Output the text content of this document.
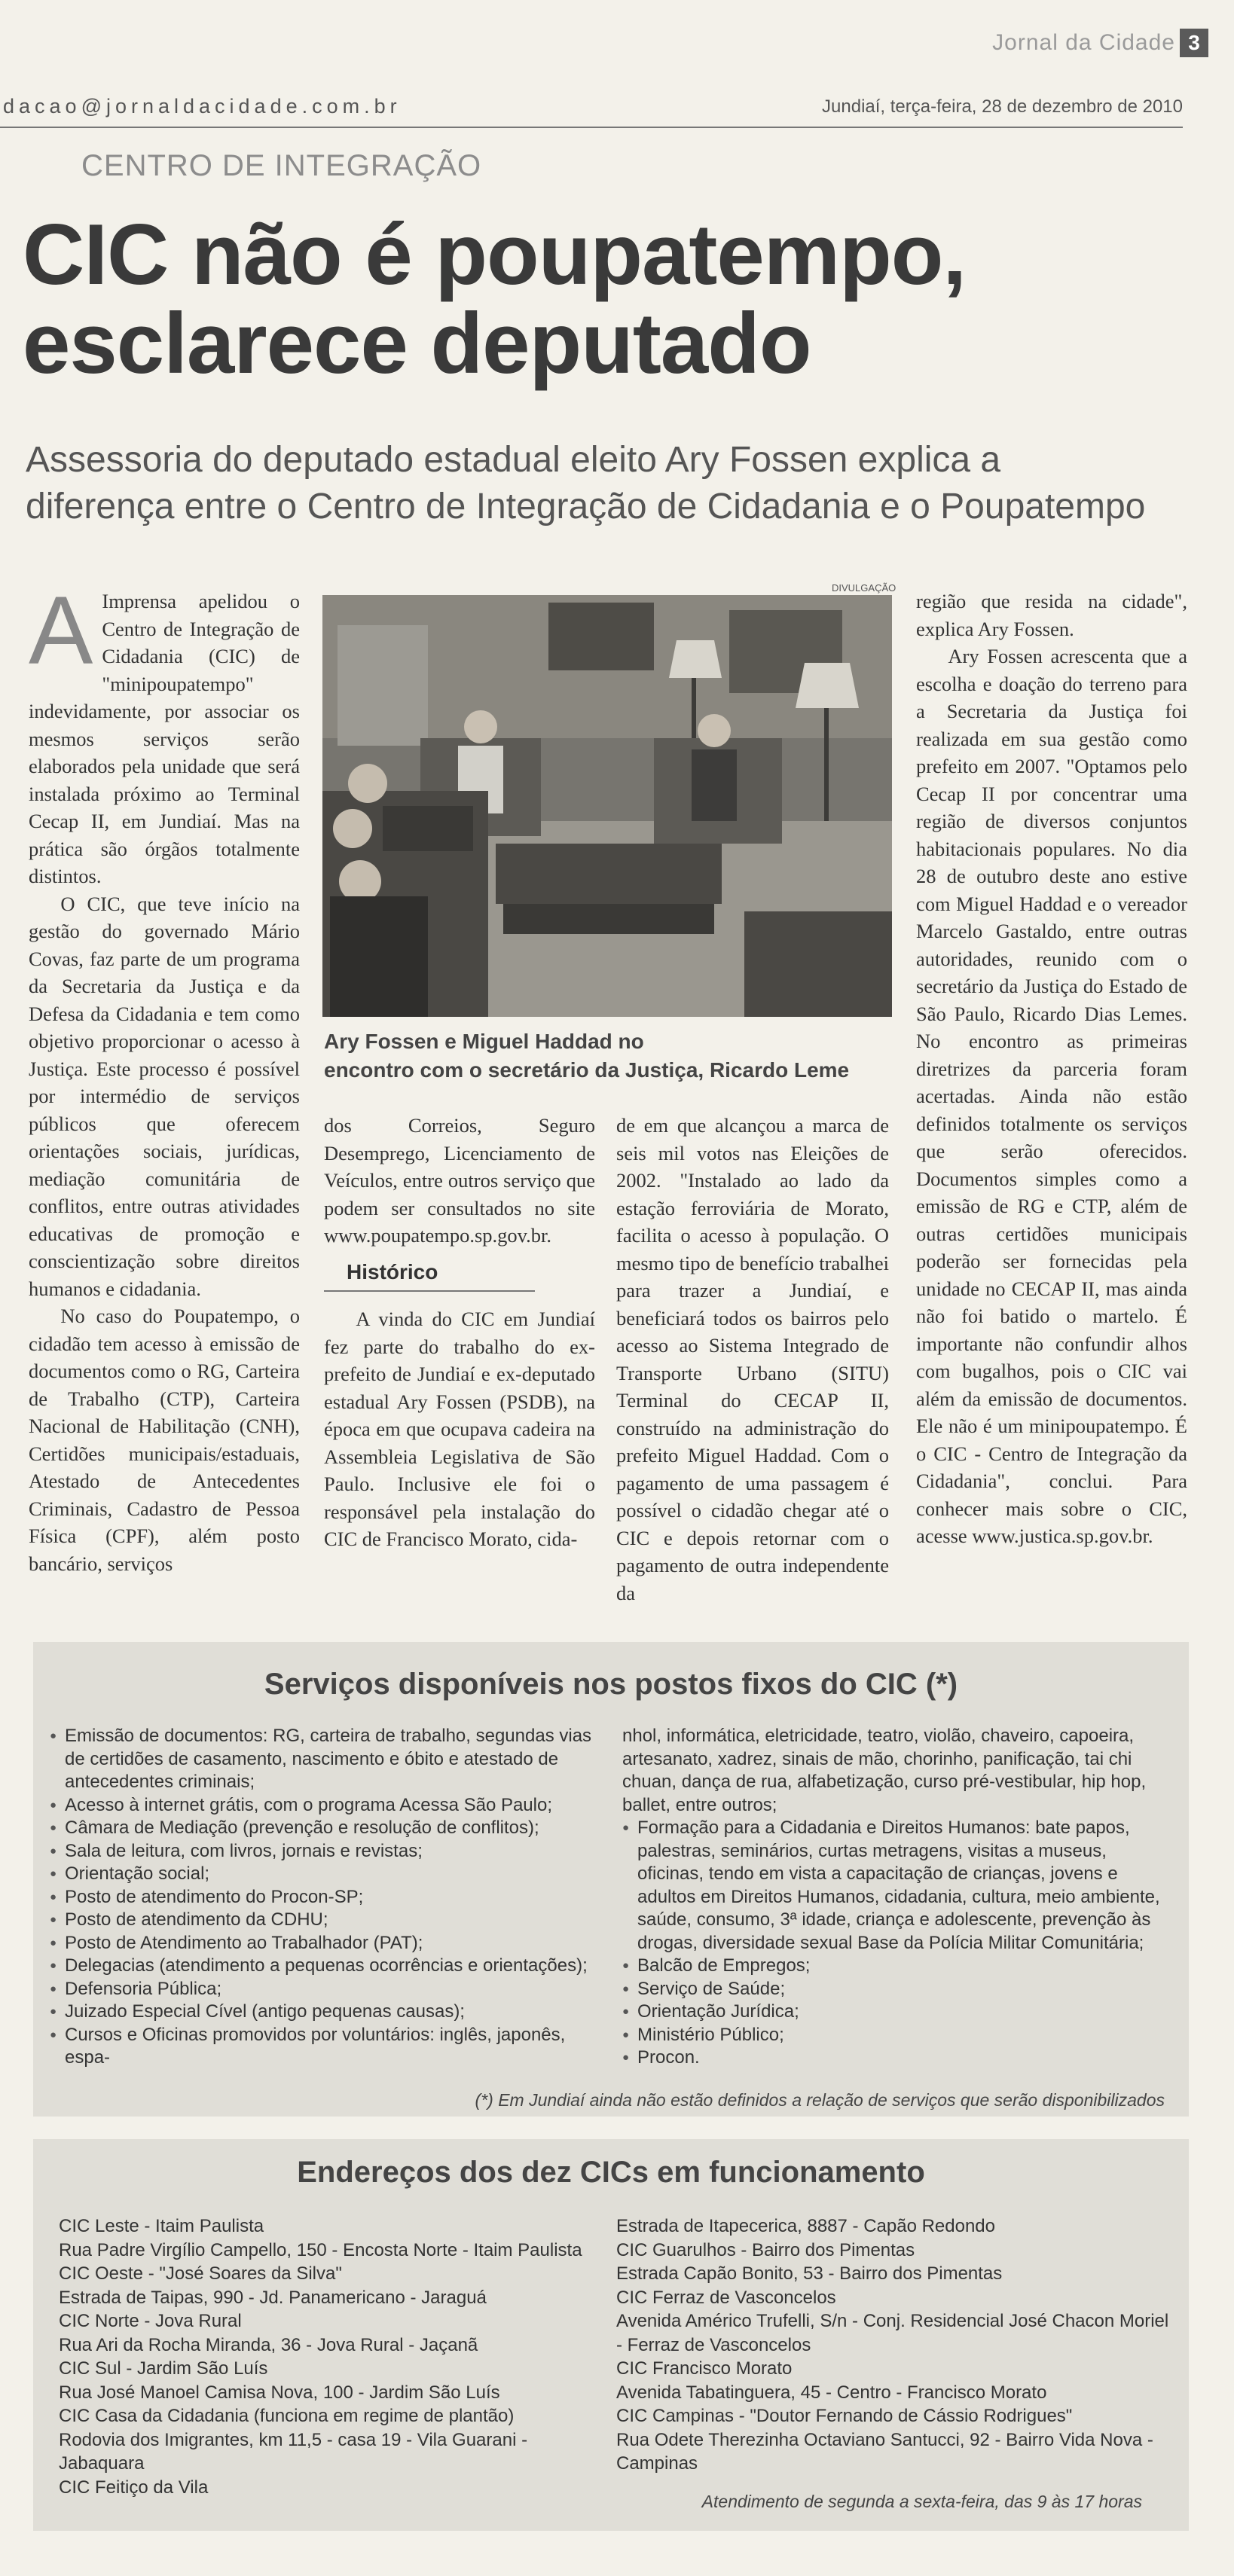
Jornal da Cidade 3
dacao@jornaldacidade.com.br	Jundiaí, terça-feira, 28 de dezembro de 2010
CENTRO DE INTEGRAÇÃO
CIC não é poupatempo,
esclarece deputado
Assessoria do deputado estadual eleito Ary Fossen explica a
diferença entre o Centro de Integração de Cidadania e o Poupatempo
A Imprensa apelidou o Centro de Integração de Cidadania (CIC) de "minipoupatempo" indevidamente, por associar os mesmos serviços serão elaborados pela unidade que será instalada próximo ao Terminal Cecap II, em Jundiaí. Mas na prática são órgãos totalmente distintos.

O CIC, que teve início na gestão do governado Mário Covas, faz parte de um programa da Secretaria da Justiça e da Defesa da Cidadania e tem como objetivo proporcionar o acesso à Justiça. Este processo é possível por intermédio de serviços públicos que oferecem orientações sociais, jurídicas, mediação comunitária de conflitos, entre outras atividades educativas de promoção e conscientização sobre direitos humanos e cidadania.

No caso do Poupatempo, o cidadão tem acesso à emissão de documentos como o RG, Carteira de Trabalho (CTP), Carteira Nacional de Habilitação (CNH), Certidões municipais/estaduais, Atestado de Antecedentes Criminais, Cadastro de Pessoa Física (CPF), além posto bancário, serviços

DIVULGAÇÃO
Ary Fossen e Miguel Haddad no
encontro com o secretário da Justiça, Ricardo Leme

dos Correios, Seguro Desemprego, Licenciamento de Veículos, entre outros serviço que podem ser consultados no site www.poupatempo.sp.gov.br.

Histórico

A vinda do CIC em Jundiaí fez parte do trabalho do ex-prefeito de Jundiaí e ex-deputado estadual Ary Fossen (PSDB), na época em que ocupava cadeira na Assembleia Legislativa de São Paulo. Inclusive ele foi o responsável pela instalação do CIC de Francisco Morato, cida-

de em que alcançou a marca de seis mil votos nas Eleições de 2002. "Instalado ao lado da estação ferroviária de Morato, facilita o acesso à população. O mesmo tipo de benefício trabalhei para trazer a Jundiaí, e beneficiará todos os bairros pelo acesso ao Sistema Integrado de Transporte Urbano (SITU) Terminal do CECAP II, construído na administração do prefeito Miguel Haddad. Com o pagamento de uma passagem é possível o cidadão chegar até o CIC e depois retornar com o pagamento de outra independente da

região que resida na cidade", explica Ary Fossen.

Ary Fossen acrescenta que a escolha e doação do terreno para a Secretaria da Justiça foi realizada em sua gestão como prefeito em 2007. "Optamos pelo Cecap II por concentrar uma região de diversos conjuntos habitacionais populares. No dia 28 de outubro deste ano estive com Miguel Haddad e o vereador Marcelo Gastaldo, entre outras autoridades, reunido com o secretário da Justiça do Estado de São Paulo, Ricardo Dias Lemes. No encontro as primeiras diretrizes da parceria foram acertadas. Ainda não estão definidos totalmente os serviços que serão oferecidos. Documentos simples como a emissão de RG e CTP, além de outras certidões municipais poderão ser fornecidas pela unidade no CECAP II, mas ainda não foi batido o martelo. É importante não confundir alhos com bugalhos, pois o CIC vai além da emissão de documentos. Ele não é um minipoupatempo. É o CIC - Centro de Integração da Cidadania", conclui. Para conhecer mais sobre o CIC, acesse www.justica.sp.gov.br.

Serviços disponíveis nos postos fixos do CIC (*)
● Emissão de documentos: RG, carteira de trabalho, segundas vias de certidões de casamento, nascimento e óbito e atestado de antecedentes criminais;
● Acesso à internet grátis, com o programa Acessa São Paulo;
● Câmara de Mediação (prevenção e resolução de conflitos);
● Sala de leitura, com livros, jornais e revistas;
● Orientação social;
● Posto de atendimento do Procon-SP;
● Posto de atendimento da CDHU;
● Posto de Atendimento ao Trabalhador (PAT);
● Delegacias (atendimento a pequenas ocorrências e orientações);
● Defensoria Pública;
● Juizado Especial Cível (antigo pequenas causas);
● Cursos e Oficinas promovidos por voluntários: inglês, japonês, espa-
nhol, informática, eletricidade, teatro, violão, chaveiro, capoeira, artesanato, xadrez, sinais de mão, chorinho, panificação, tai chi chuan, dança de rua, alfabetização, curso pré-vestibular, hip hop, ballet, entre outros;
● Formação para a Cidadania e Direitos Humanos: bate papos, palestras, seminários, curtas metragens, visitas a museus, oficinas, tendo em vista a capacitação de crianças, jovens e adultos em Direitos Humanos, cidadania, cultura, meio ambiente, saúde, consumo, 3ª idade, criança e adolescente, prevenção às drogas, diversidade sexual Base da Polícia Militar Comunitária;
● Balcão de Empregos;
● Serviço de Saúde;
● Orientação Jurídica;
● Ministério Público;
● Procon.
(*) Em Jundiaí ainda não estão definidos a relação de serviços que serão disponibilizados
Endereços dos dez CICs em funcionamento
CIC Leste - Itaim Paulista
Rua Padre Virgílio Campello, 150 - Encosta Norte - Itaim Paulista
CIC Oeste - "José Soares da Silva"
Estrada de Taipas, 990 - Jd. Panamericano - Jaraguá
CIC Norte - Jova Rural
Rua Ari da Rocha Miranda, 36 - Jova Rural - Jaçanã
CIC Sul - Jardim São Luís
Rua José Manoel Camisa Nova, 100 - Jardim São Luís
CIC Casa da Cidadania (funciona em regime de plantão)
Rodovia dos Imigrantes, km 11,5 - casa 19 - Vila Guarani - Jabaquara
CIC Feitiço da Vila
Estrada de Itapecerica, 8887 - Capão Redondo
CIC Guarulhos - Bairro dos Pimentas
Estrada Capão Bonito, 53 - Bairro dos Pimentas
CIC Ferraz de Vasconcelos
Avenida Américo Trufelli, S/n - Conj. Residencial José Chacon Moriel
- Ferraz de Vasconcelos
CIC Francisco Morato
Avenida Tabatinguera, 45 - Centro - Francisco Morato
CIC Campinas - "Doutor Fernando de Cássio Rodrigues"
Rua Odete Therezinha Octaviano Santucci, 92 - Bairro Vida Nova -
Campinas
Atendimento de segunda a sexta-feira, das 9 às 17 horas
